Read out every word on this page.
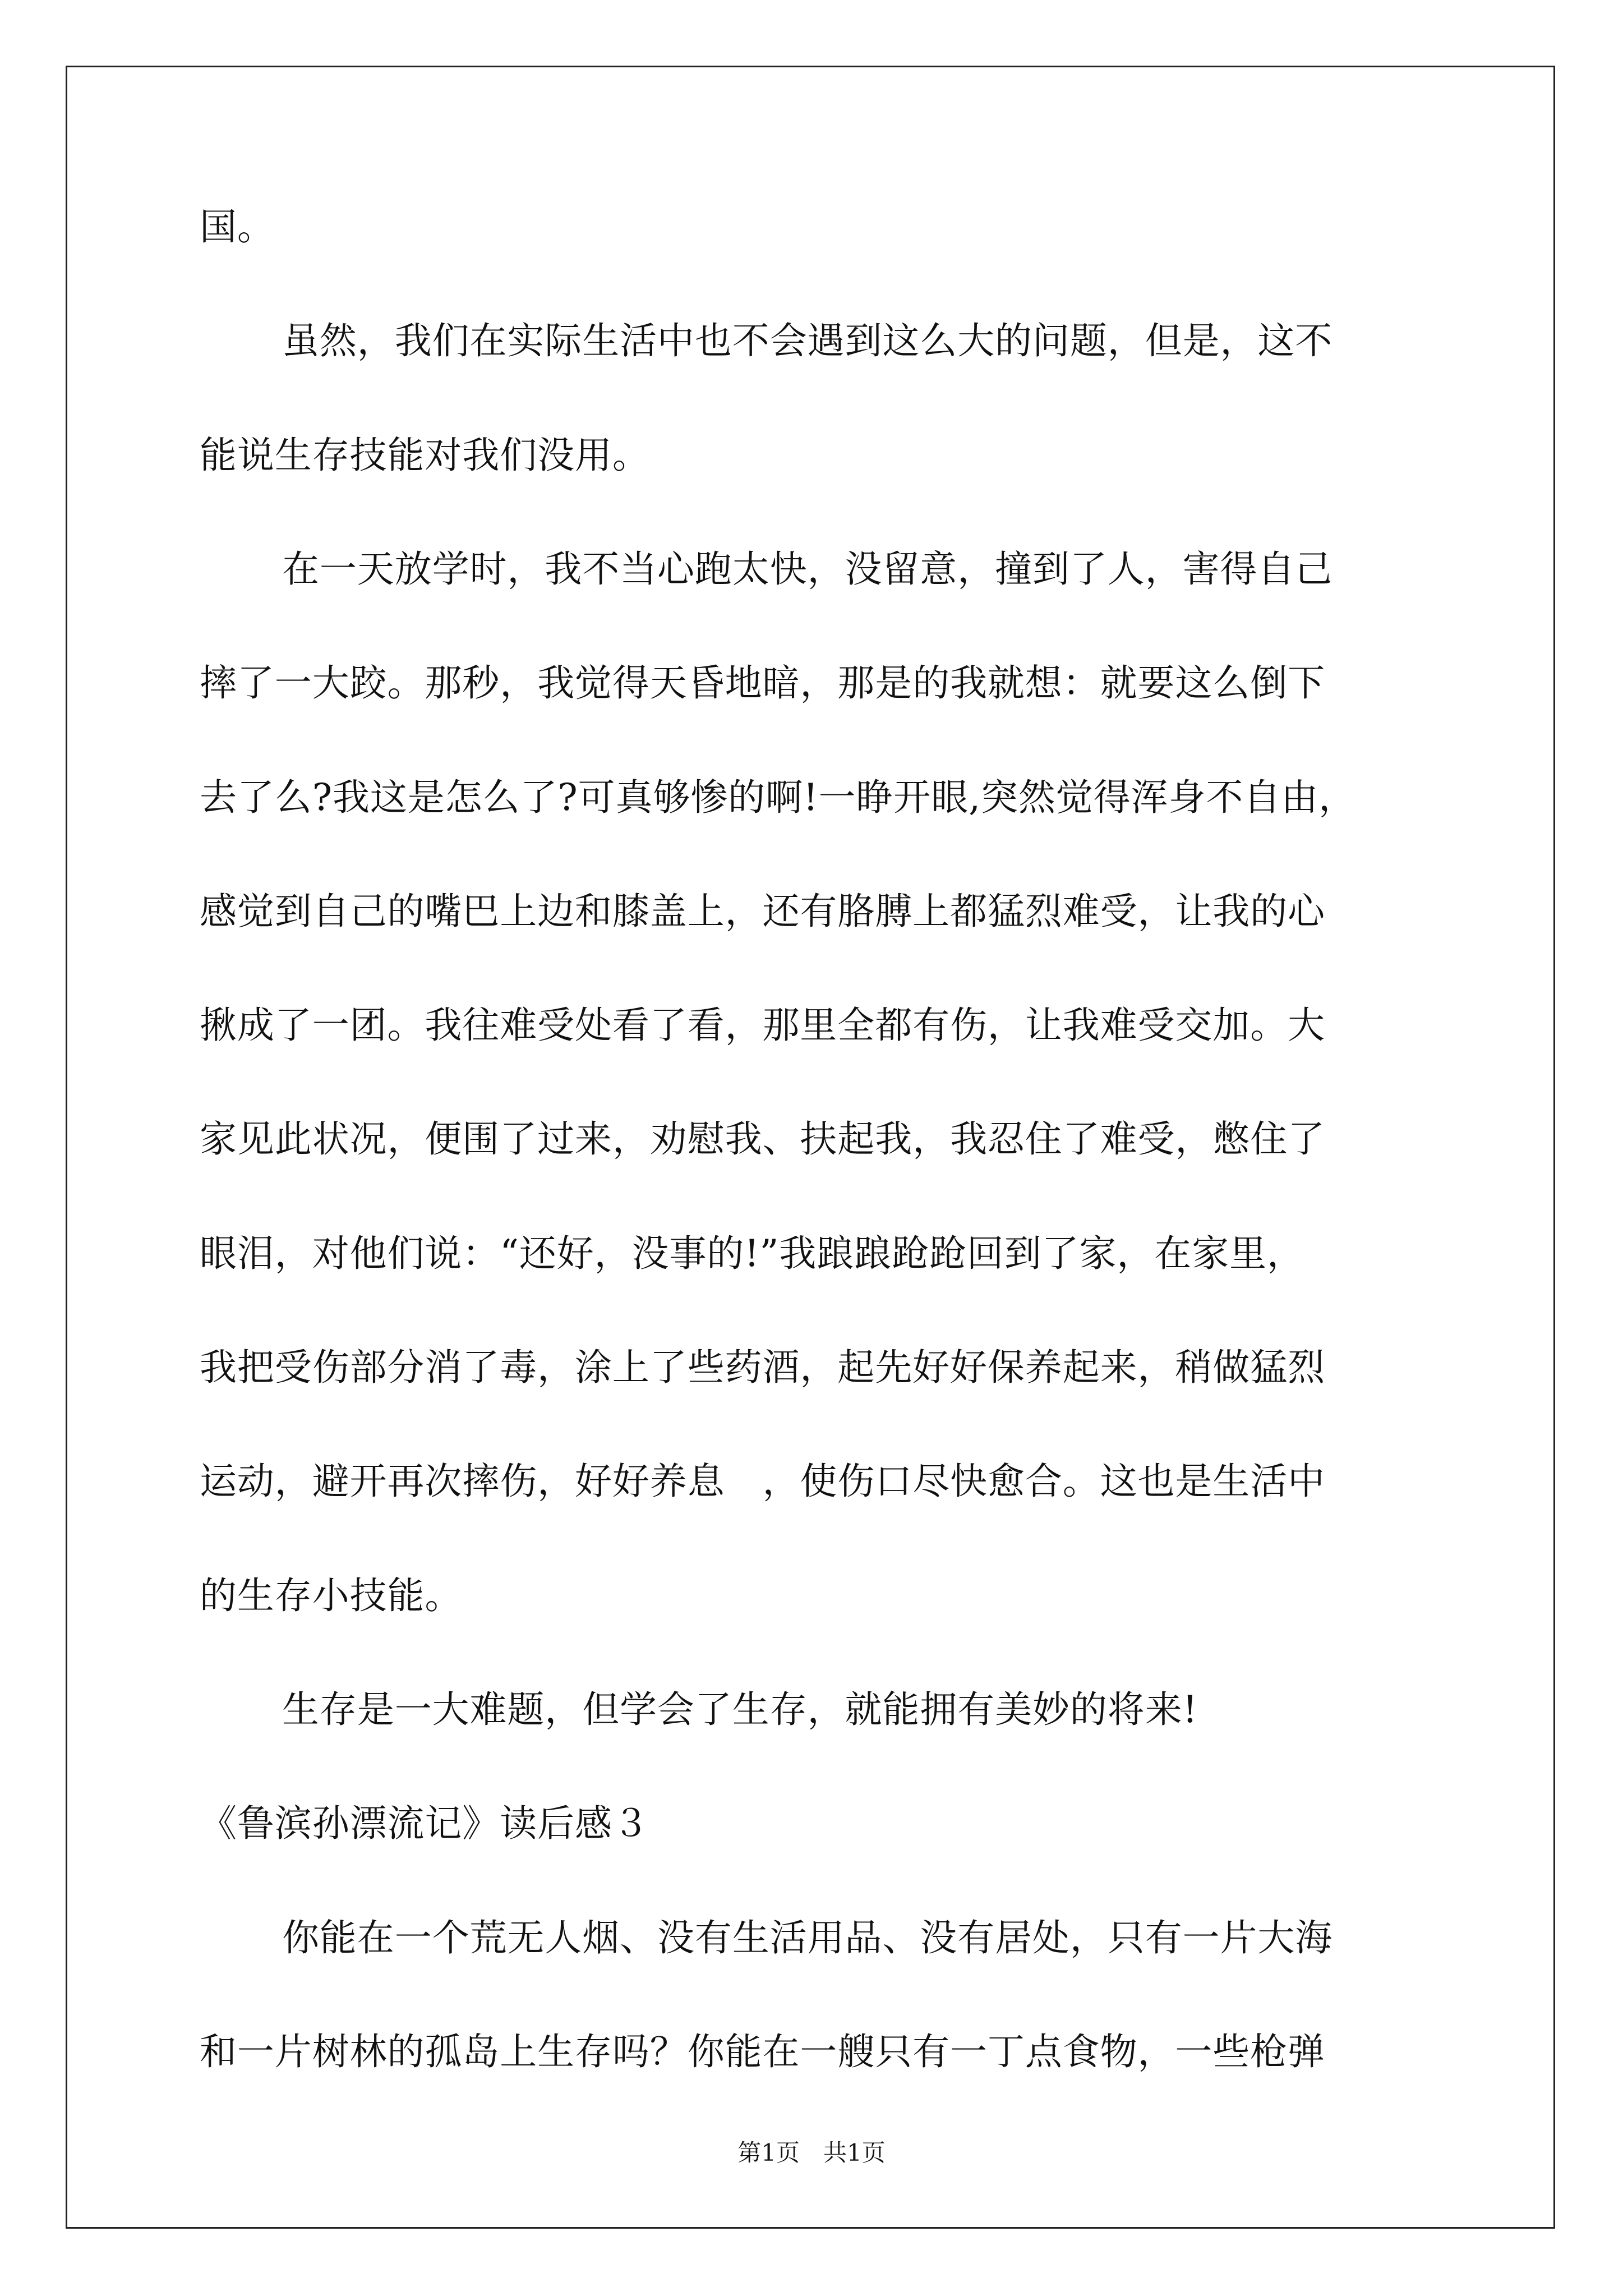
国。
虽然，我们在实际生活中也不会遇到这么大的问题，但是，这不
能说生存技能对我们没用。
在一天放学时，我不当心跑太快，没留意，撞到了人，害得自己
摔了一大跤。那秒，我觉得天昏地暗，那是的我就想：就要这么倒下
去了么?我这是怎么了?可真够惨的啊!一睁开眼,突然觉得浑身不自由，
感觉到自己的嘴巴上边和膝盖上，还有胳膊上都猛烈难受，让我的心
揪成了一团。我往难受处看了看，那里全都有伤，让我难受交加。大
家见此状况，便围了过来，劝慰我、扶起我，我忍住了难受，憋住了
眼泪，对他们说：“还好，没事的!”我踉踉跄跄回到了家，在家里，
我把受伤部分消了毒，涂上了些药酒，起先好好保养起来，稍做猛烈
运动，避开再次摔伤，好好养息　，使伤口尽快愈合。这也是生活中
的生存小技能。
生存是一大难题，但学会了生存，就能拥有美妙的将来!
《鲁滨孙漂流记》读后感３
你能在一个荒无人烟、没有生活用品、没有居处，只有一片大海
和一片树林的孤岛上生存吗？你能在一艘只有一丁点食物，一些枪弹
第1页　共1页
